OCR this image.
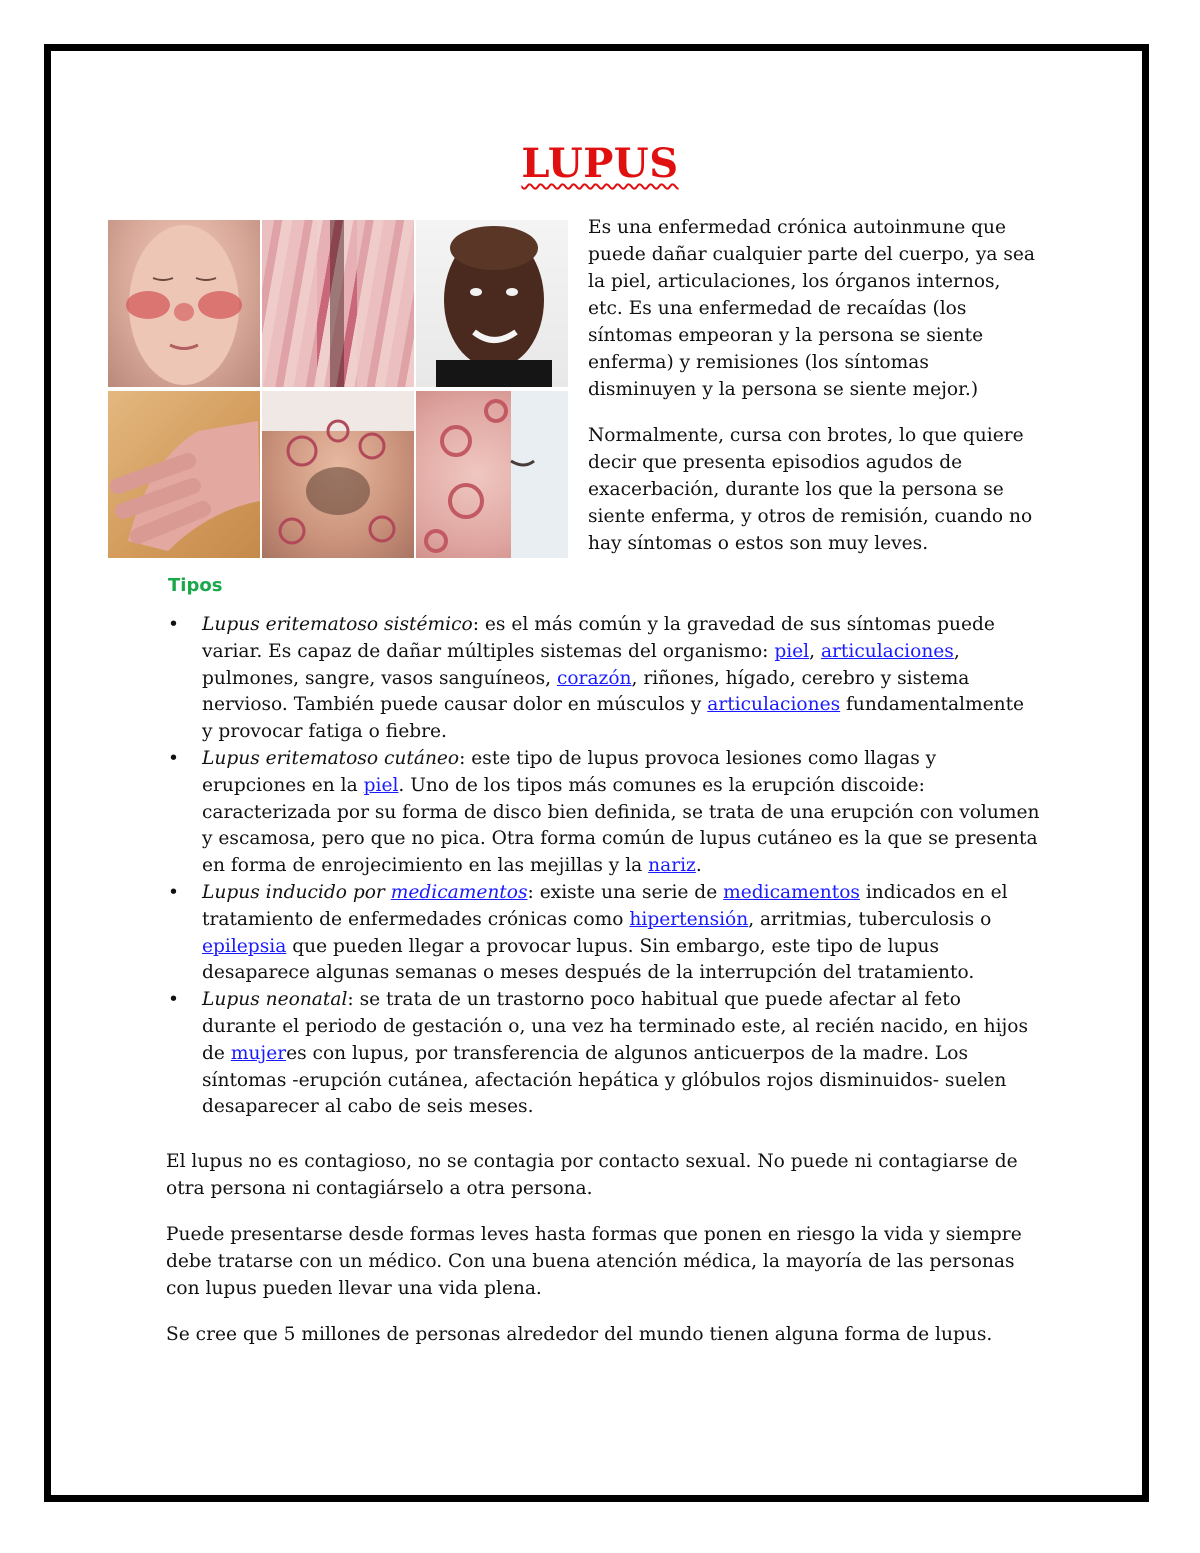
LUPUS

Es una enfermedad crónica autoinmune que puede dañar cualquier parte del cuerpo, ya sea la piel, articulaciones, los órganos internos, etc. Es una enfermedad de recaídas (los síntomas empeoran y la persona se siente enferma) y remisiones (los síntomas disminuyen y la persona se siente mejor.)

Normalmente, cursa con brotes, lo que quiere decir que presenta episodios agudos de exacerbación, durante los que la persona se siente enferma, y otros de remisión, cuando no hay síntomas o estos son muy leves.

Tipos
• Lupus eritematoso sistémico: es el más común y la gravedad de sus síntomas puede variar. Es capaz de dañar múltiples sistemas del organismo: piel, articulaciones, pulmones, sangre, vasos sanguíneos, corazón, riñones, hígado, cerebro y sistema nervioso. También puede causar dolor en músculos y articulaciones fundamentalmente y provocar fatiga o fiebre.
• Lupus eritematoso cutáneo: este tipo de lupus provoca lesiones como llagas y erupciones en la piel. Uno de los tipos más comunes es la erupción discoide: caracterizada por su forma de disco bien definida, se trata de una erupción con volumen y escamosa, pero que no pica. Otra forma común de lupus cutáneo es la que se presenta en forma de enrojecimiento en las mejillas y la nariz.
• Lupus inducido por medicamentos: existe una serie de medicamentos indicados en el tratamiento de enfermedades crónicas como hipertensión, arritmias, tuberculosis o epilepsia que pueden llegar a provocar lupus. Sin embargo, este tipo de lupus desaparece algunas semanas o meses después de la interrupción del tratamiento.
• Lupus neonatal: se trata de un trastorno poco habitual que puede afectar al feto durante el periodo de gestación o, una vez ha terminado este, al recién nacido, en hijos de mujeres con lupus, por transferencia de algunos anticuerpos de la madre. Los síntomas -erupción cutánea, afectación hepática y glóbulos rojos disminuidos- suelen desaparecer al cabo de seis meses.

El lupus no es contagioso, no se contagia por contacto sexual. No puede ni contagiarse de otra persona ni contagiárselo a otra persona.

Puede presentarse desde formas leves hasta formas que ponen en riesgo la vida y siempre debe tratarse con un médico. Con una buena atención médica, la mayoría de las personas con lupus pueden llevar una vida plena.

Se cree que 5 millones de personas alrededor del mundo tienen alguna forma de lupus.
